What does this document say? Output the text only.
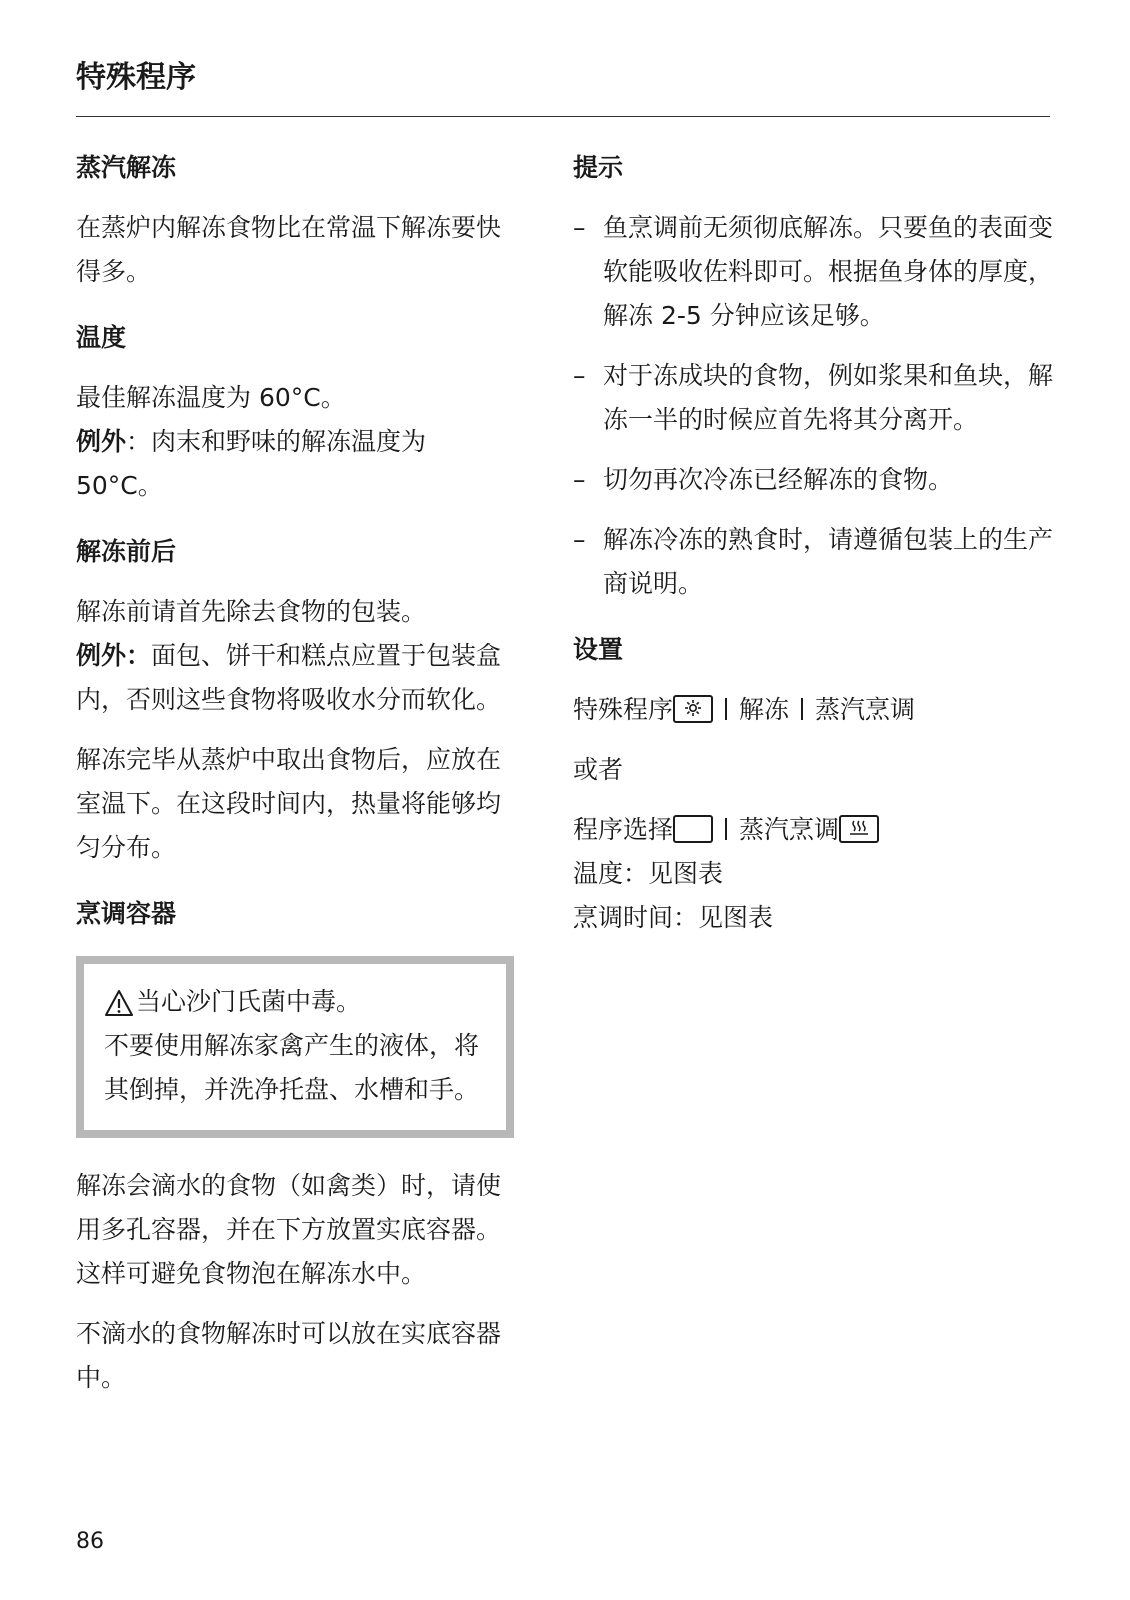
特殊程序
蒸汽解冻

在蒸炉内解冻食物比在常温下解冻要快得多。

温度

最佳解冻温度为 60°C。

例外：肉末和野味的解冻温度为 50°C。

解冻前后

解冻前请首先除去食物的包装。

例外：面包、饼干和糕点应置于包装盒内，否则这些食物将吸收水分而软化。

解冻完毕从蒸炉中取出食物后，应放在室温下。在这段时间内，热量将能够均匀分布。

烹调容器

当心沙门氏菌中毒。

不要使用解冻家禽产生的液体，将其倒掉，并洗净托盘、水槽和手。

解冻会滴水的食物（如禽类）时，请使用多孔容器，并在下方放置实底容器。这样可避免食物泡在解冻水中。

不滴水的食物解冻时可以放在实底容器中。

提示
– 鱼烹调前无须彻底解冻。只要鱼的表面变软能吸收佐料即可。根据鱼身体的厚度，解冻 2-5 分钟应该足够。
– 对于冻成块的食物，例如浆果和鱼块，解冻一半的时候应首先将其分离开。
– 切勿再次冷冻已经解冻的食物。
– 解冻冷冻的熟食时，请遵循包装上的生产商说明。
设置

特殊程序	解冻 蒸汽烹调

或者

程序选择	蒸汽烹调

温度：见图表

烹调时间：见图表

86
